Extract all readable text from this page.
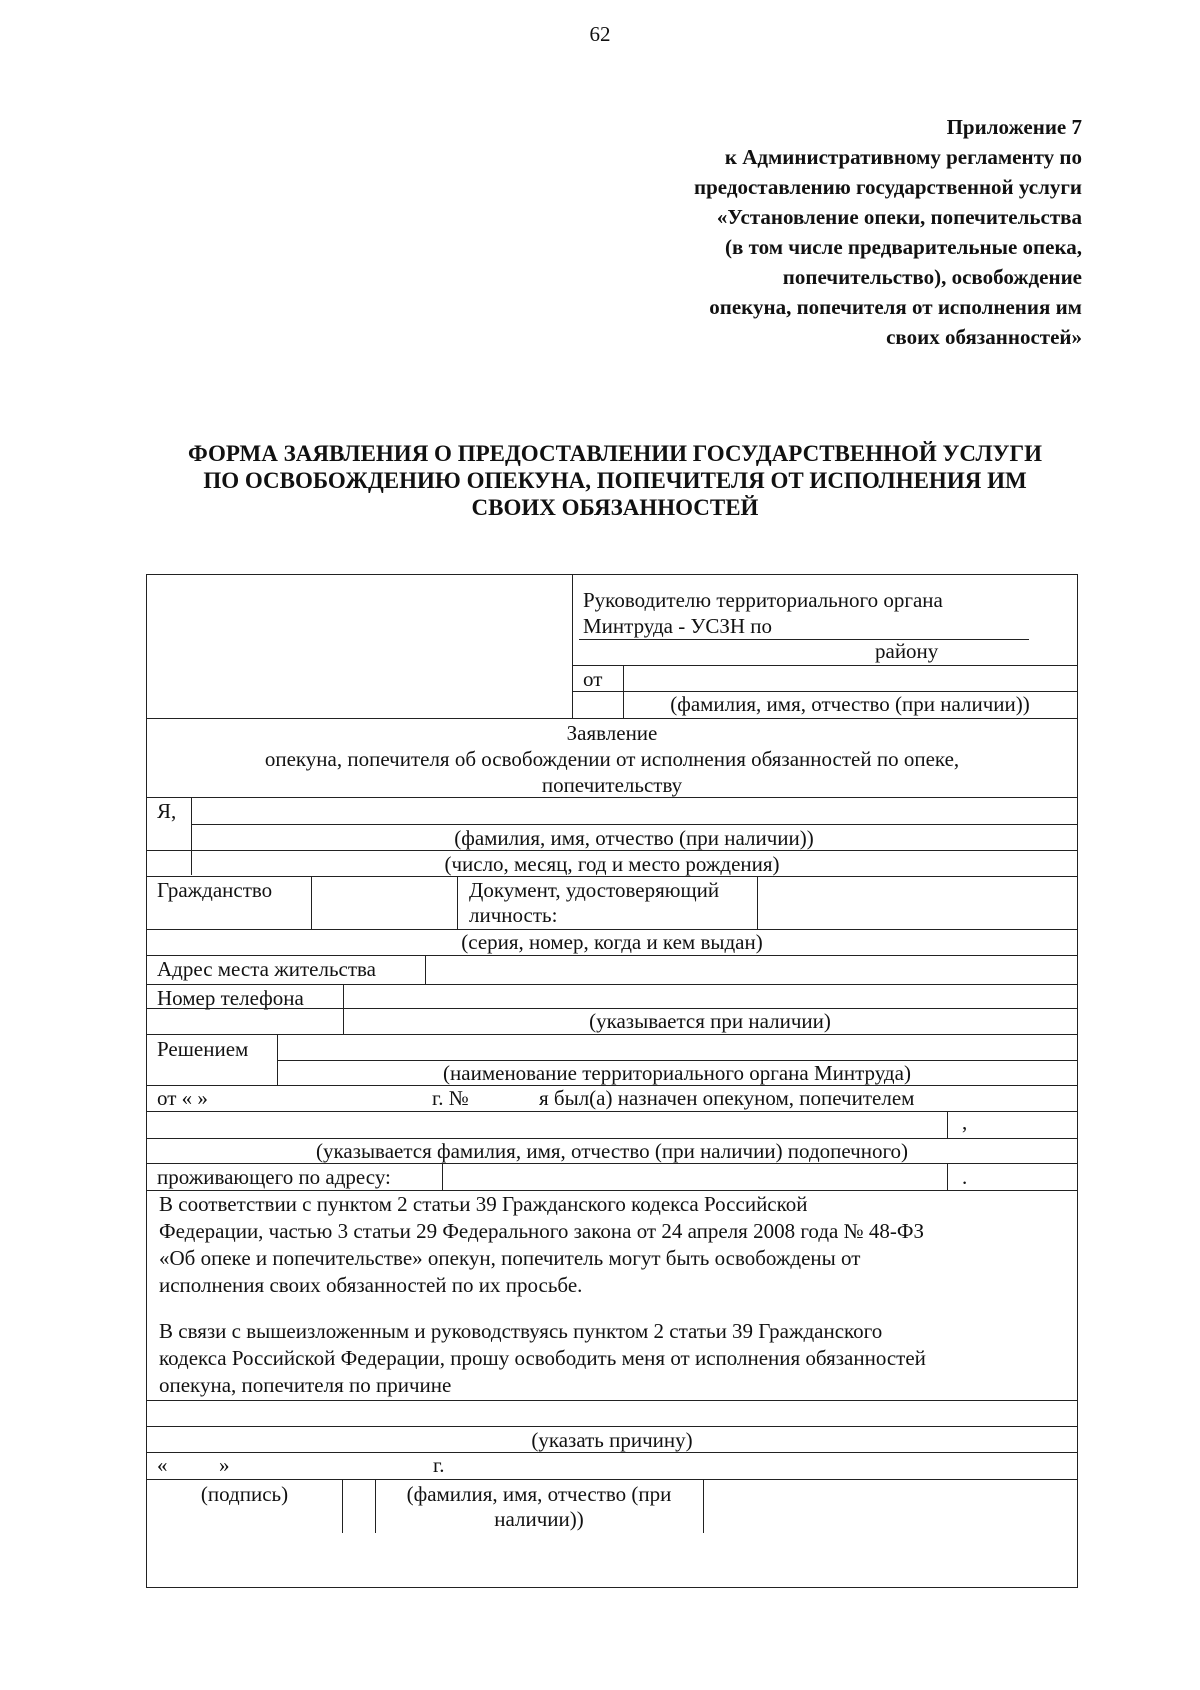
62
Приложение 7
к Административному регламенту по
предоставлению государственной услуги
«Установление опеки, попечительства
(в том числе предварительные опека,
попечительство), освобождение
опекуна, попечителя от исполнения им
своих обязанностей»
ФОРМА ЗАЯВЛЕНИЯ О ПРЕДОСТАВЛЕНИИ ГОСУДАРСТВЕННОЙ УСЛУГИ
ПО ОСВОБОЖДЕНИЮ ОПЕКУНА, ПОПЕЧИТЕЛЯ ОТ ИСПОЛНЕНИЯ ИМ
СВОИХ ОБЯЗАННОСТЕЙ
Руководителю территориального органа
Минтруда - УСЗН по
району
от
(фамилия, имя, отчество (при наличии))
Заявление
опекуна, попечителя об освобождении от исполнения обязанностей по опеке,
попечительству
Я,
(фамилия, имя, отчество (при наличии))
(число, месяц, год и место рождения)
Гражданство	Документ, удостоверяющий
личность:
(серия, номер, когда и кем выдан)
Адрес места жительства
Номер телефона
(указывается при наличии)
Решением
(наименование территориального органа Минтруда)
от « »	г. №	я был(а) назначен опекуном, попечителем
,
(указывается фамилия, имя, отчество (при наличии) подопечного)
проживающего по адресу:	.
В соответствии с пунктом 2 статьи 39 Гражданского кодекса Российской
Федерации, частью 3 статьи 29 Федерального закона от 24 апреля 2008 года № 48-ФЗ
«Об опеке и попечительстве» опекун, попечитель могут быть освобождены от
исполнения своих обязанностей по их просьбе.
В связи с вышеизложенным и руководствуясь пунктом 2 статьи 39 Гражданского
кодекса Российской Федерации, прошу освободить меня от исполнения обязанностей
опекуна, попечителя по причине
(указать причину)
« »	г.
(подпись)	(фамилия, имя, отчество (при
наличии))
